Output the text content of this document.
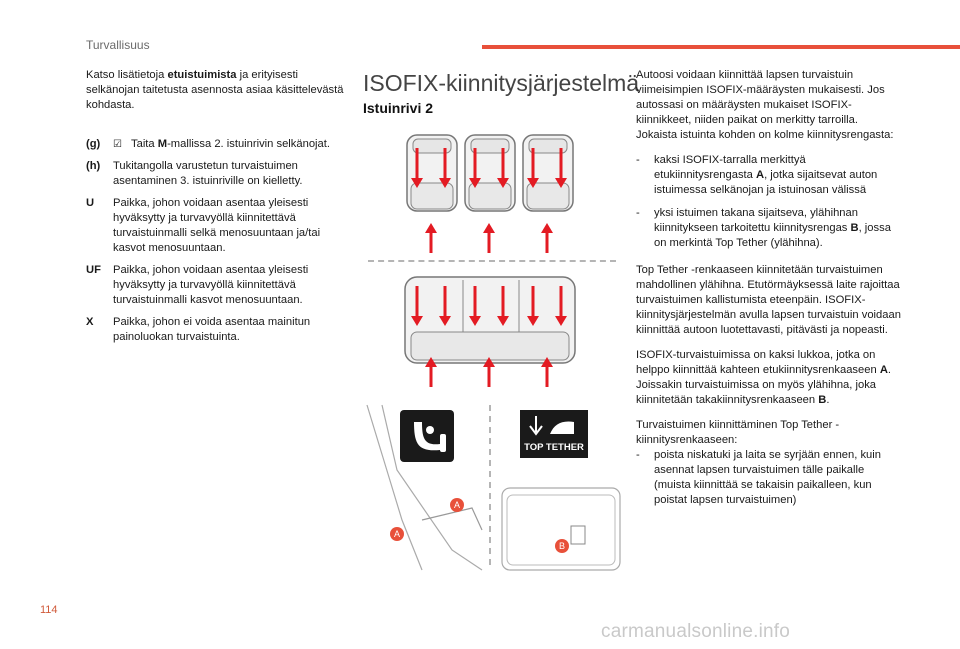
Turvallisuus

Katso lisätietoja etuistuimista ja erityisesti selkänojan taitetusta asennosta asiaa käsittelevästä kohdasta.

(g)	☑ Taita M-mallissa 2. istuinrivin selkänojat.
(h)	Tukitangolla varustetun turvaistuimen asentaminen 3. istuinriville on kielletty.
U	Paikka, johon voidaan asentaa yleisesti hyväksytty ja turvavyöllä kiinnitettävä turvaistuinmalli selkä menosuuntaan ja/tai kasvot menosuuntaan.
UF	Paikka, johon voidaan asentaa yleisesti hyväksytty ja turvavyöllä kiinnitettävä turvaistuinmalli kasvot menosuuntaan.
X	Paikka, johon ei voida asentaa mainitun painoluokan turvaistuinta.
ISOFIX-kiinnitysjärjestelmä
Istuinrivi 2
TOP TETHER
A
A
B

Autoosi voidaan kiinnittää lapsen turvaistuin viimeisimpien ISOFIX-määräysten mukaisesti. Jos autossasi on määräysten mukaiset ISOFIX-kiinnikkeet, niiden paikat on merkitty tarroilla. Jokaista istuinta kohden on kolme kiinnitysrengasta:

-	kaksi ISOFIX-tarralla merkittyä etukiinnitysrengasta A, jotka sijaitsevat auton istuimessa selkänojan ja istuinosan välissä
-	yksi istuimen takana sijaitseva, ylähihnan kiinnitykseen tarkoitettu kiinnitysrengas B, jossa on merkintä Top Tether (ylähihna).

Top Tether -renkaaseen kiinnitetään turvaistuimen mahdollinen ylähihna. Etutörmäyksessä laite rajoittaa turvaistuimen kallistumista eteenpäin. ISOFIX-kiinnitysjärjestelmän avulla lapsen turvaistuin voidaan kiinnittää autoon luotettavasti, pitävästi ja nopeasti.

ISOFIX-turvaistuimissa on kaksi lukkoa, jotka on helppo kiinnittää kahteen etukiinnitysrenkaaseen A. Joissakin turvaistuimissa on myös ylähihna, joka kiinnitetään takakiinnitysrenkaaseen B.

Turvaistuimen kiinnittäminen Top Tether -kiinnitysrenkaaseen:

-	poista niskatuki ja laita se syrjään ennen, kuin asennat lapsen turvaistuimen tälle paikalle (muista kiinnittää se takaisin paikalleen, kun poistat lapsen turvaistuimen)
114
carmanualsonline.info
